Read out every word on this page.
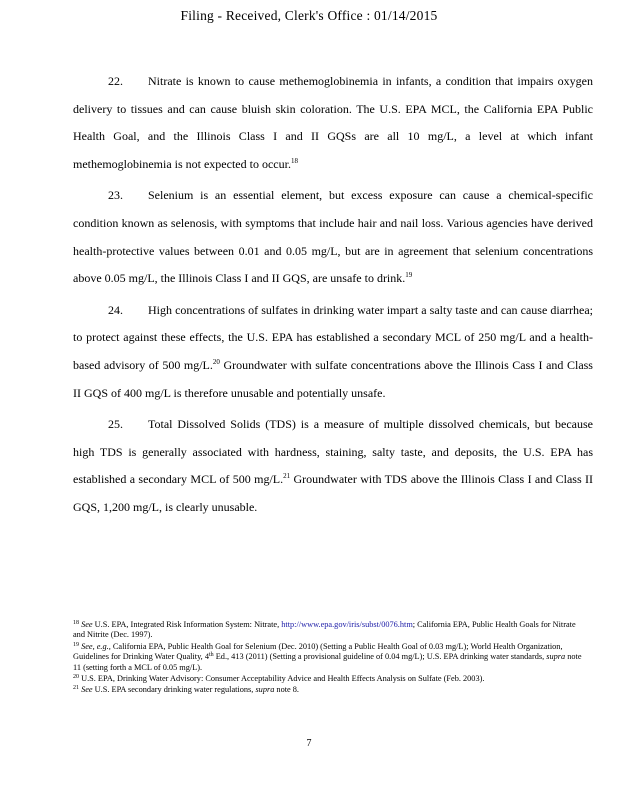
Filing - Received, Clerk's Office : 01/14/2015

22. Nitrate is known to cause methemoglobinemia in infants, a condition that impairs oxygen delivery to tissues and can cause bluish skin coloration. The U.S. EPA MCL, the California EPA Public Health Goal, and the Illinois Class I and II GQSs are all 10 mg/L, a level at which infant methemoglobinemia is not expected to occur.$^{18}$

23. Selenium is an essential element, but excess exposure can cause a chemical-specific condition known as selenosis, with symptoms that include hair and nail loss. Various agencies have derived health-protective values between 0.01 and 0.05 mg/L, but are in agreement that selenium concentrations above 0.05 mg/L, the Illinois Class I and II GQS, are unsafe to drink.$^{19}$

24. High concentrations of sulfates in drinking water impart a salty taste and can cause diarrhea; to protect against these effects, the U.S. EPA has established a secondary MCL of 250 mg/L and a health-based advisory of 500 mg/L.$^{20}$ Groundwater with sulfate concentrations above the Illinois Cass I and Class II GQS of 400 mg/L is therefore unusable and potentially unsafe.

25. Total Dissolved Solids (TDS) is a measure of multiple dissolved chemicals, but because high TDS is generally associated with hardness, staining, salty taste, and deposits, the U.S. EPA has established a secondary MCL of 500 mg/L.$^{21}$ Groundwater with TDS above the Illinois Class I and Class II GQS, 1,200 mg/L, is clearly unusable.

$^{18}$ See U.S. EPA, Integrated Risk Information System: Nitrate, http://www.epa.gov/iris/subst/0076.htm; California EPA, Public Health Goals for Nitrate and Nitrite (Dec. 1997).
$^{19}$ See, e.g., California EPA, Public Health Goal for Selenium (Dec. 2010) (Setting a Public Health Goal of 0.03 mg/L); World Health Organization, Guidelines for Drinking Water Quality, 4th Ed., 413 (2011) (Setting a provisional guideline of 0.04 mg/L); U.S. EPA drinking water standards, supra note 11 (setting forth a MCL of 0.05 mg/L).
$^{20}$ U.S. EPA, Drinking Water Advisory: Consumer Acceptability Advice and Health Effects Analysis on Sulfate (Feb. 2003).
$^{21}$ See U.S. EPA secondary drinking water regulations, supra note 8.
7
